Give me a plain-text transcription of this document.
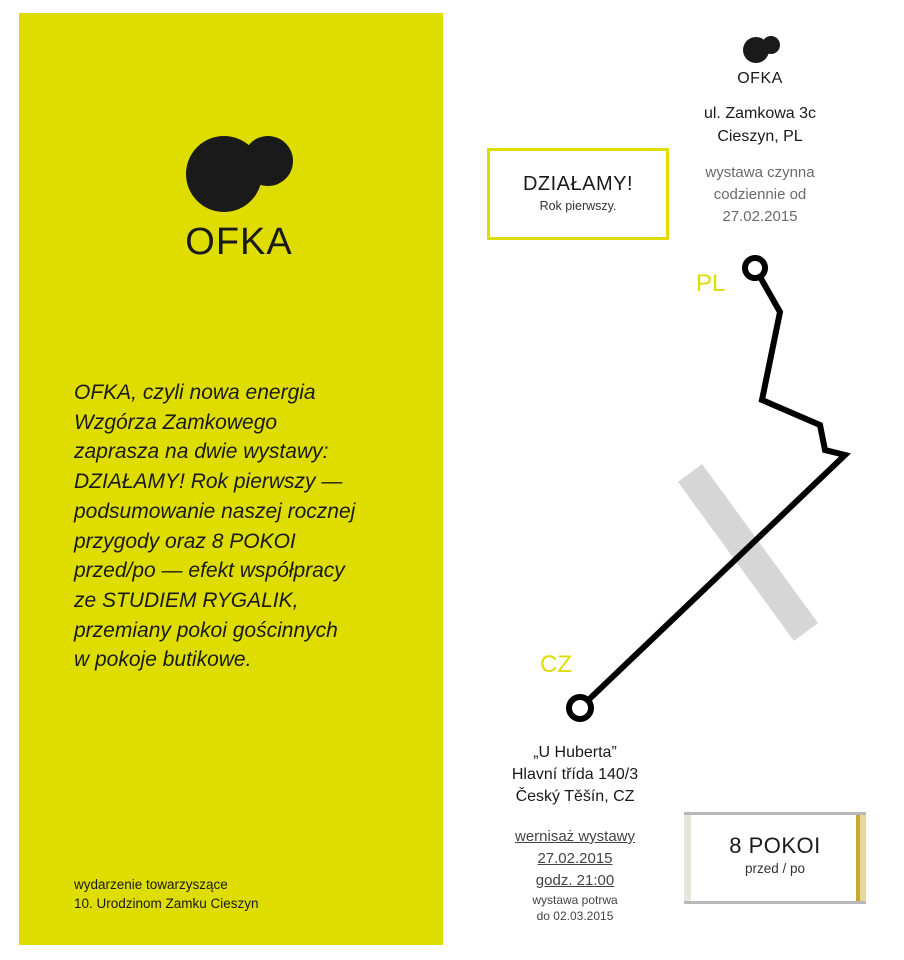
OFKA
OFKA, czyli nowa energia
Wzgórza Zamkowego
zaprasza na dwie wystawy:
DZIAŁAMY! Rok pierwszy —
podsumowanie naszej rocznej
przygody oraz 8 POKOI
przed/po — efekt współpracy
ze STUDIEM RYGALIK,
przemiany pokoi gościnnych
w pokoje butikowe.
wydarzenie towarzyszące
10. Urodzinom Zamku Cieszyn
OFKA
ul. Zamkowa 3c
Cieszyn, PL
wystawa czynna
codziennie od
27.02.2015
DZIAŁAMY!
Rok pierwszy.
PL
CZ
„U Huberta”
Hlavní třída 140/3
Český Těšín, CZ
wernisaż wystawy
27.02.2015
godz. 21:00
wystawa potrwa
do 02.03.2015
8 POKOI
przed / po
